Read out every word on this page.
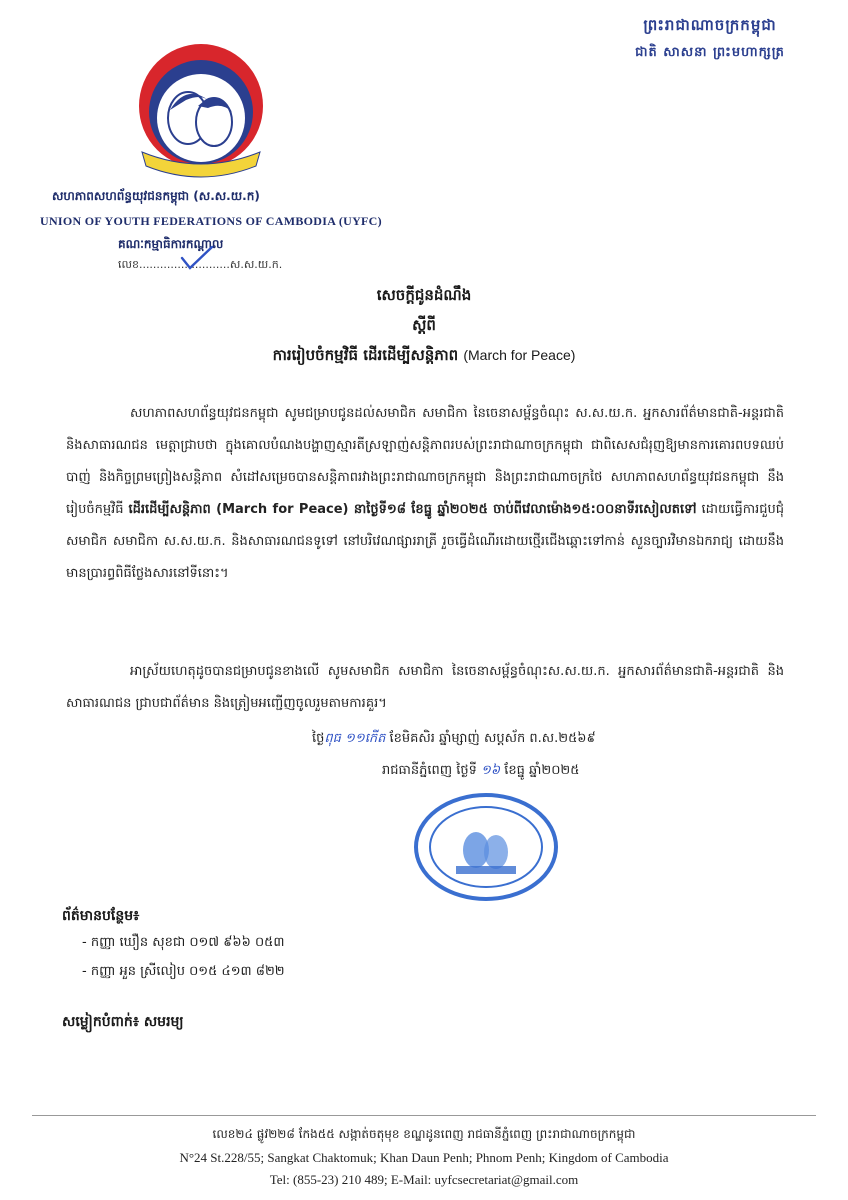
ព្រះរាជាណាចក្រកម្ពុជា
ជាតិ សាសនា ព្រះមហាក្សត្រ
សហភាពសហព័ន្ធយុវជនកម្ពុជា (ស.ស.យ.ក)
UNION OF YOUTH FEDERATIONS OF CAMBODIA (UYFC)
គណៈកម្មាធិការកណ្ដាល
លេខ..........................ស.ស.យ.ក.
សេចក្ដីជូនដំណឹង
ស្ដីពី
ការរៀបចំកម្មវិធី ដើរដើម្បីសន្តិភាព (March for Peace)
សហភាពសហព័ន្ធយុវជនកម្ពុជា សូមជម្រាបជូនដល់សមាជិក សមាជិកា នៃចេនាសម្ព័ន្ធចំណុះ ស.ស.យ.ក. អ្នកសារព័ត៌មានជាតិ-អន្តរជាតិ និងសាធារណជន មេត្តាជ្រាបថា ក្នុងគោលបំណងបង្ហាញស្មារតីស្រឡាញ់សន្តិភាពរបស់ព្រះរាជាណាចក្រកម្ពុជា ជាពិសេសជំរុញឱ្យមានការគោរពបទឈប់បាញ់ និងកិច្ចព្រមព្រៀងសន្តិភាព សំដៅសម្រេចបានសន្តិភាពរវាងព្រះរាជាណាចក្រកម្ពុជា និងព្រះរាជាណាចក្រថៃ សហភាពសហព័ន្ធយុវជនកម្ពុជា នឹងរៀបចំកម្មវិធី ដើរដើម្បីសន្តិភាព (March for Peace) នាថ្ងៃទី១៨ ខែធ្នូ ឆ្នាំ២០២៥ ចាប់ពីវេលាម៉ោង១៥:០០នាទីរសៀលតទៅ ដោយធ្វើការជួបជុំសមាជិក សមាជិកា ស.ស.យ.ក. និងសាធារណជនទូទៅ នៅបរិវេណផ្សាររាត្រី រួចធ្វើដំណើរដោយថ្មើរជើងឆ្ពោះទៅកាន់ សួនច្បារវិមានឯករាជ្យ ដោយនឹងមានប្រារព្ធពិធីថ្លែងសារនៅទីនោះ។
អាស្រ័យហេតុដូចបានជម្រាបជូនខាងលើ សូមសមាជិក សមាជិកា នៃចេនាសម្ព័ន្ធចំណុះស.ស.យ.ក. អ្នកសារព័ត៌មានជាតិ-អន្តរជាតិ និងសាធារណជន ជ្រាបជាព័ត៌មាន និងត្រៀមអញ្ជើញចូលរួមតាមការគួរ។
ថ្ងៃពុធ ១១កើត ខែមិគសិរ ឆ្នាំម្សាញ់ សប្តស័ក ព.ស.២៥៦៩
រាជធានីភ្នំពេញ ថ្ងៃទី ១៦ ខែធ្នូ ឆ្នាំ២០២៥
ព័ត៌មានបន្ថែម៖
- កញ្ញា ឃឿន សុខជា ០១៧ ៩៦៦ ០៥៣
- កញ្ញា អួន ស្រីលៀប ០១៥ ៤១៣ ៨២២
សម្លៀកបំពាក់៖ សមរម្យ
លេខ២៤ ផ្លូវ២២៨ កែង៥៥ សង្កាត់ចតុមុខ ខណ្ឌដូនពេញ រាជធានីភ្នំពេញ ព្រះរាជាណាចក្រកម្ពុជា
N°24 St.228/55; Sangkat Chaktomuk; Khan Daun Penh; Phnom Penh; Kingdom of Cambodia
Tel: (855-23) 210 489; E-Mail: uyfcsecretariat@gmail.com
